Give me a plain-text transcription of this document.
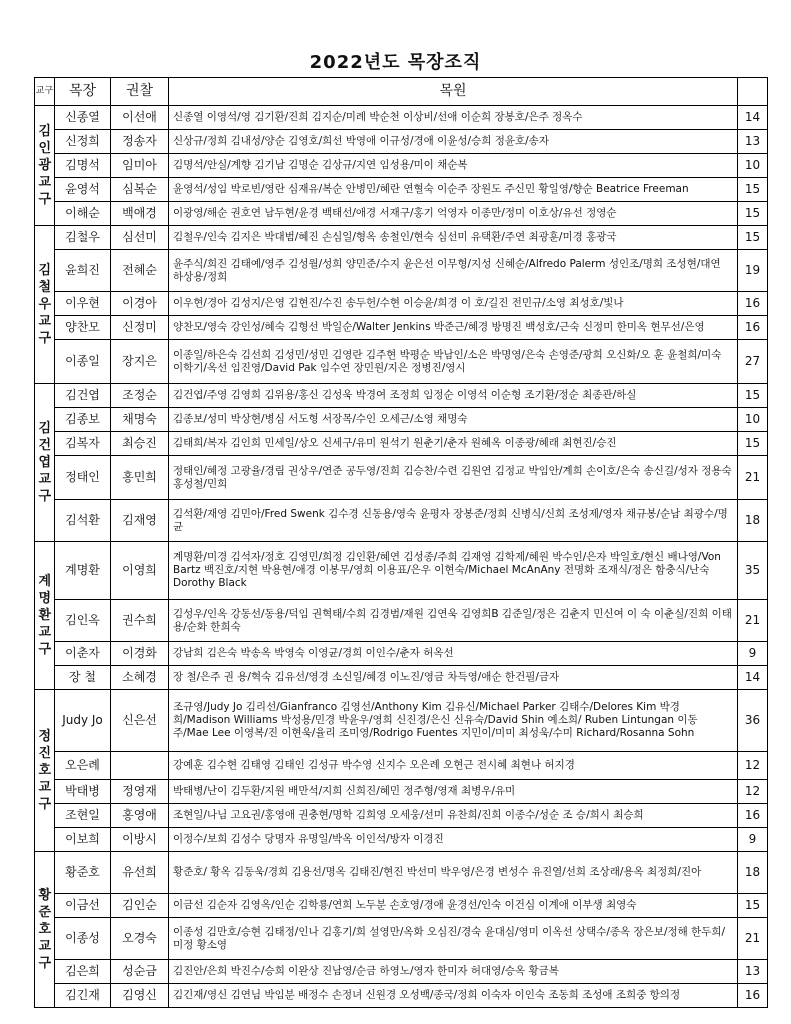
2022년도 목장조직
교구	목장	권찰	목원	
김인광 교구	신종열	이선애	신종열 이영석/영 김기환/진희 김지순/미례 박순천 이상비/선애 이순희 장봉호/은주 정옥수	14
	신정희	정송자	신상규/정희 김내성/양순 김영호/희선 박영애 이규성/경애 이윤성/승희 정윤호/송자	13
	김명석	임미아	김명석/안실/계향 김기남 김명순 김상규/지연 임성용/미이 채순복	10
	윤영석	심복순	윤영석/성임 박로빈/영란 심재유/복순 안병민/혜란 연혈숙 이순주 장원도 주신민 황일영/향순 Beatrice Freeman	15
	이해순	백애경	이광영/해순 권호연 남두현/윤경 백태선/애경 서재구/홍기 억영자 이종만/정미 이호상/유선 정영순	15
김철우 교구	김철우	심선미	김철우/인숙 김지은 박대범/혜진 손심일/형옥 송철인/현숙 심선미 유택환/주연 최광훈/미경 홍광국	15
	윤희진	전혜순	윤주식/희진 김태예/영주 김성월/성희 양민준/수지 윤은선 이무형/지성 신혜순/Alfredo Palerm 성인조/명희 조성현/대연 하상용/정희	19
	이우현	이경아	이우현/경아 김성지/은영 김현진/수진 송두헌/수현 이승윤/희경 이 호/길진 전민규/소영 최성호/빛나	16
	양찬모	신정미	양찬모/영숙 강인성/혜숙 김형선 박일순/Walter Jenkins 박준근/혜경 방명진 백성호/근숙 신정미 한미옥 현무선/은영	16
	이종일	장지은	이종일/하은숙 김선희 김성민/성민 김영란 김주현 박평순 박남인/소은 박명영/은숙 손영준/광희 오신화/오 훈 윤철희/미숙 이학기/옥선 임진영/David Pak 임수연 장민원/지은 정병진/영시	27
김건엽 교구	김건엽	조정순	김건엽/주영 김영희 김위용/홍신 김성욱 박경여 조정희 임정순 이영석 이순형 조기환/정순 최종관/하실	15
	김종보	채명숙	김종보/성미 박상현/병심 서도형 서장목/수인 오세근/소영 채명숙	10
	김복자	최승진	김태희/복자 김인희 민세일/상오 신세구/유미 원석기 원춘기/춘자 원혜옥 이종광/혜래 최현진/승진	15
	정태인	홍민희	정태인/혜정 고광율/경림 권상우/연준 공두영/진희 김승찬/수련 김원연 김정교 박임안/계희 손이호/은숙 송신길/성자 정용숙 홍성철/민희	21
	김석환	김재영	김석환/재영 김민아/Fred Swenk 김수경 신동용/영숙 윤평자 장봉준/정희 신병식/신희 조성제/영자 채규봉/순남 최광수/명균	18
계명환 교구	계명환	이영희	계명환/미경 김석자/정호 김영민/희정 김인환/혜연 김성종/주희 김재영 김학제/혜원 박수인/은자 박일호/현신 배나영/Von Bartz 백진호/지현 박용현/애경 이봉무/영희 이용표/은우 이현숙/Michael McAnAny 전명화 조재식/정은 함충식/난숙 Dorothy Black	35
	김인옥	권수희	김성우/인옥 강동선/동용/덕임 권혁태/수희 김경범/재원 김연욱 김영희B 김준일/정은 김춘지 민신여 이 숙 이춘실/진희 이태용/순화 한희숙	21
	이춘자	이경화	강남희 김은숙 박송옥 박영숙 이영균/경희 이인수/춘자 허옥선	9
	장 철	소혜경	장 철/은주 권 용/혁숙 김유선/영경 소신일/혜경 이노진/영금 차득영/애순 한건필/금자	14
정진호 교구	Judy Jo	신은선	조규영/Judy Jo 김리선/Gianfranco 김영선/Anthony Kim 김유신/Michael Parker 김태수/Delores Kim 박경희/Madison Williams 박성용/민경 박윤우/영희 신진경/은신 신유숙/David Shin 예소희/ Ruben Lintungan 이동주/Mae Lee 이영복/진 이현욱/율리 조미영/Rodrigo Fuentes 지민이/미미 최성욱/수미 Richard/Rosanna Sohn	36
	오은례		강예훈 김수현 김태영 김태인 김성규 박수영 신지수 오은례 오현근 전시혜 최현나 허지경	12
	박태병	정영재	박태병/난이 김두환/지원 배만석/지희 신희진/혜민 정주형/영재 최병우/유미	12
	조현일	홍영애	조현일/나님 고요권/홍영애 권충현/명학 김희영 오세웅/선미 유찬희/진희 이종수/성순 조 승/희시 최승희	16
	이보희	이방시	이정수/보희 김성수 당명자 유명일/박옥 이인석/방자 이경진	9
황준호 교구	황준호	유선희	황준호/ 황옥 김동욱/경희 김용선/명옥 김태진/현진 박선미 박우영/은경 변성수 유진열/선희 조상래/용옥 최정희/진아	18
	이금선	김인순	이금선 김순자 김영옥/인순 김학룡/연희 노두분 손호영/경애 윤경선/인숙 이건심 이계애 이부생 최영숙	15
	이종성	오경숙	이종성 김만호/승현 김태정/인나 김홍기/희 설영만/옥화 오심진/경숙 윤대심/영미 이옥선 상택수/종옥 장은보/정해 한두희/미정 황소영	21
	김은희	성순금	김진안/은희 박진수/승희 이완상 진남영/순금 하영노/영자 한미자 허대영/승옥 황금복	13
	김긴재	김영신	김긴재/영신 김연님 박임분 배정수 손정녀 신원경 오성백/종국/정희 이숙자 이인숙 조동희 조성애 조희중 항의정	16
